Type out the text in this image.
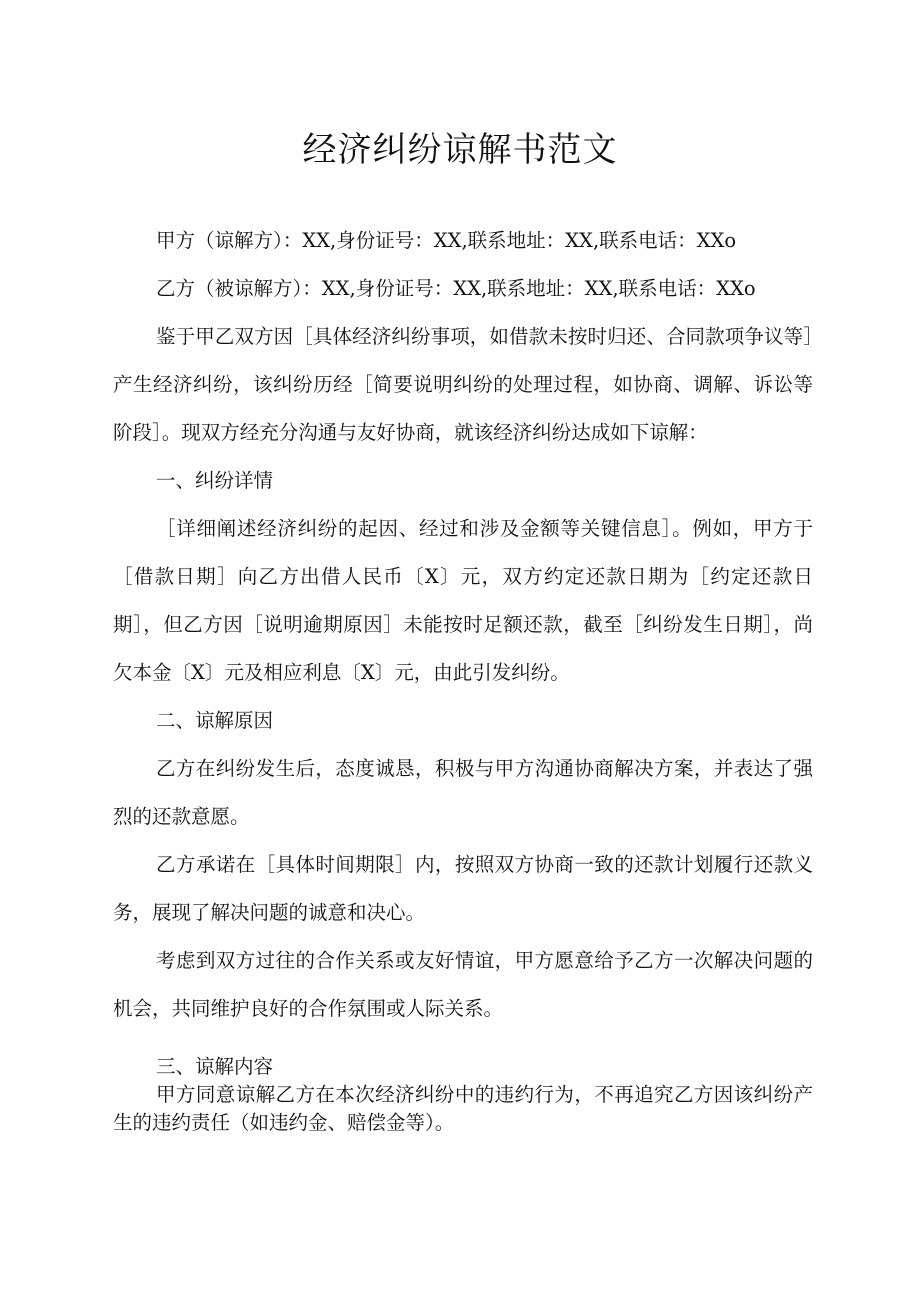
经济纠纷谅解书范文

甲方（谅解方）：XX,身份证号：XX,联系地址：XX,联系电话：XXo

乙方（被谅解方）：XX,身份证号：XX,联系地址：XX,联系电话：XXo

鉴于甲乙双方因［具体经济纠纷事项，如借款未按时归还、合同款项争议等］产生经济纠纷，该纠纷历经［简要说明纠纷的处理过程，如协商、调解、诉讼等阶段］。现双方经充分沟通与友好协商，就该经济纠纷达成如下谅解：

一、纠纷详情

［详细阐述经济纠纷的起因、经过和涉及金额等关键信息］。例如，甲方于［借款日期］向乙方出借人民币〔X〕元，双方约定还款日期为［约定还款日期］，但乙方因［说明逾期原因］未能按时足额还款，截至［纠纷发生日期］，尚欠本金〔X〕元及相应利息〔X〕元，由此引发纠纷。

二、谅解原因

乙方在纠纷发生后，态度诚恳，积极与甲方沟通协商解决方案，并表达了强烈的还款意愿。

乙方承诺在［具体时间期限］内，按照双方协商一致的还款计划履行还款义务，展现了解决问题的诚意和决心。

考虑到双方过往的合作关系或友好情谊，甲方愿意给予乙方一次解决问题的机会，共同维护良好的合作氛围或人际关系。

三、谅解内容

甲方同意谅解乙方在本次经济纠纷中的违约行为，不再追究乙方因该纠纷产生的违约责任（如违约金、赔偿金等）。
